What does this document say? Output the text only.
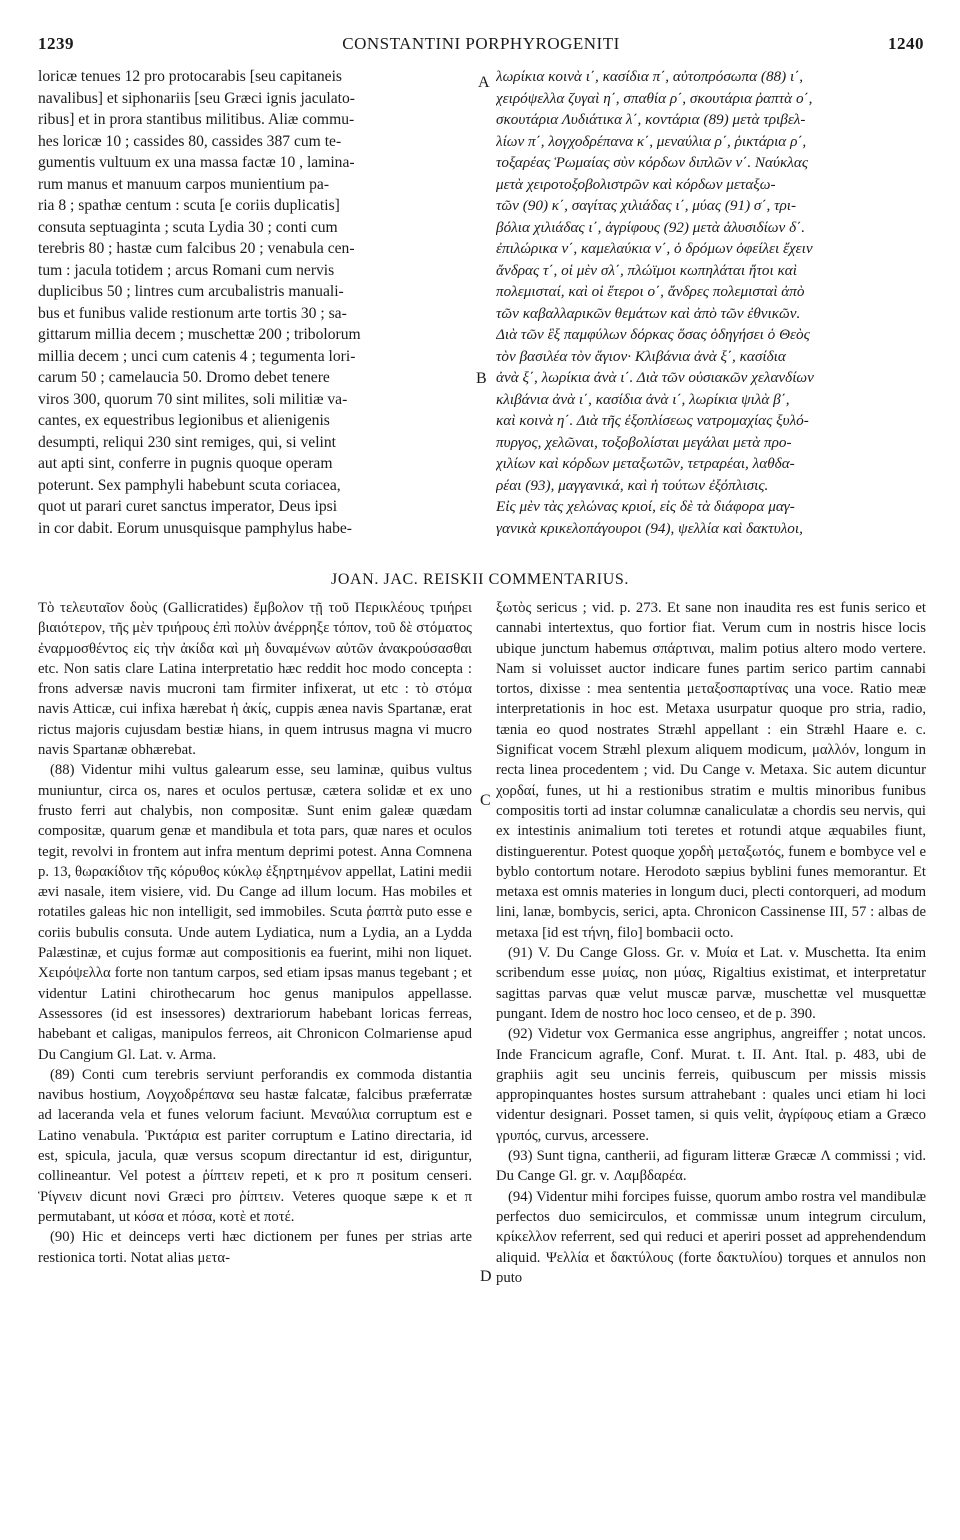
1239	CONSTANTINI PORPHYROGENITI	1240
loricæ tenues 12 pro protocarabis [seu capitaneis
navalibus] et siphonariis [seu Græci ignis jaculato-
ribus] et in prora stantibus militibus. Aliæ commu-
hes loricæ 10 ; cassides 80, cassides 387 cum te-
gumentis vultuum ex una massa factæ 10 , lamina-
rum manus et manuum carpos munientium pa-
ria 8 ; spathæ centum : scuta [e coriis duplicatis]
consuta septuaginta ; scuta Lydia 30 ; conti cum
terebris 80 ; hastæ cum falcibus 20 ; venabula cen-
tum : jacula totidem ; arcus Romani cum nervis
duplicibus 50 ; lintres cum arcubalistris manuali-
bus et funibus valide restionum arte tortis 30 ; sa-
gittarum millia decem ; muschettæ 200 ; tribolorum
millia decem ; unci cum catenis 4 ; tegumenta lori-
carum 50 ; camelaucia 50. Dromo debet tenere
viros 300, quorum 70 sint milites, soli militiæ va-
cantes, ex equestribus legionibus et alienigenis
desumpti, reliqui 230 sint remiges, qui, si velint
aut apti sint, conferre in pugnis quoque operam
poterunt. Sex pamphyli habebunt scuta coriacea,
quot ut parari curet sanctus imperator, Deus ipsi
in cor dabit. Eorum unusquisque pamphylus habe-
λωρίκια κοινὰ ι΄, κασίδια π΄, αὐτοπρόσωπα (88) ι΄,
χειρόψελλα ζυγαὶ η΄, σπαθία ρ΄, σκουτάρια ῥαπτὰ ο΄,
σκουτάρια Λυδιάτικα λ΄, κοντάρια (89) μετὰ τριβελ-
λίων π΄, λογχοδρέπανα κ΄, μεναύλια ρ΄, ῥικτάρια ρ΄,
τοξαρέας Ῥωμαίας σὺν κόρδων διπλῶν ν΄. Ναύκλας
μετὰ χειροτοξοβολιστρῶν καὶ κόρδων μεταξω-
τῶν (90) κ΄, σαγίτας χιλιάδας ι΄, μύας (91) σ΄, τρι-
βόλια χιλιάδας ι΄, ἀγρίφους (92) μετὰ ἁλυσιδίων δ΄.
ἐπιλώρικα ν΄, καμελαύκια ν΄, ὁ δρόμων ὀφείλει ἔχειν
ἄνδρας τ΄, οἱ μὲν σλ΄, πλώϊμοι κωπηλάται ἤτοι καὶ
πολεμισταί, καὶ οἱ ἕτεροι ο΄, ἄνδρες πολεμισταὶ ἀπὸ
τῶν καβαλλαρικῶν θεμάτων καὶ ἀπὸ τῶν ἐθνικῶν.
Διὰ τῶν ἓξ παμφύλων δόρκας ὅσας ὁδηγήσει ὁ Θεὸς
τὸν βασιλέα τὸν ἅγιον· Κλιβάνια ἀνὰ ξ΄, κασίδια
ἀνὰ ξ΄, λωρίκια ἀνὰ ι΄. Διὰ τῶν οὐσιακῶν χελανδίων
κλιβάνια ἀνὰ ι΄, κασίδια ἀνὰ ι΄, λωρίκια ψιλὰ β΄,
καὶ κοινὰ η΄. Διὰ τῆς ἐξοπλίσεως νατρομαχίας ξυλό-
πυργος, χελῶναι, τοξοβολίσται μεγάλαι μετὰ προ-
χιλίων καὶ κόρδων μεταξωτῶν, τετραρέαι, λαθδα-
ρέαι (93), μαγγανικά, καὶ ἡ τούτων ἐξόπλισις.
Εἰς μὲν τὰς χελώνας κριοί, εἰς δὲ τὰ διάφορα μαγ-
γανικὰ κρικελοπάγουροι (94), ψελλία καὶ δακτυλοι,
A
B
C
D
JOAN. JAC. REISKII COMMENTARIUS.

Τὸ τελευταῖον δοὺς (Gallicratides) ἔμβολον τῇ τοῦ Περικλέους τριήρει βιαιότερον, τῆς μὲν τριήρους ἐπὶ πολὺν ἀνέρρηξε τόπον, τοῦ δὲ στόματος ἐναρμοσθέντος εἰς τὴν ἀκίδα καὶ μὴ δυναμένων αὐτῶν ἀνακρούσασθαι etc. Non satis clare Latina interpretatio hæc reddit hoc modo concepta : frons adversæ navis mucroni tam firmiter infixerat, ut etc : τὸ στόμα navis Atticæ, cui infixa hærebat ἡ ἀκίς, cuppis ænea navis Spartanæ, erat rictus majoris cujusdam bestiæ hians, in quem intrusus magna vi mucro navis Spartanæ obhærebat.

(88) Videntur mihi vultus galearum esse, seu laminæ, quibus vultus muniuntur, circa os, nares et oculos pertusæ, cætera solidæ et ex uno frusto ferri aut chalybis, non compositæ. Sunt enim galeæ quædam compositæ, quarum genæ et mandibula et tota pars, quæ nares et oculos tegit, revolvi in frontem aut infra mentum deprimi potest. Anna Comnena p. 13, θωρακίδιον τῆς κόρυθος κύκλῳ ἐξηρτημένον appellat, Latini medii ævi nasale, item visiere, vid. Du Cange ad illum locum. Has mobiles et rotatiles galeas hic non intelligit, sed immobiles. Scuta ῥαπτὰ puto esse e coriis bubulis consuta. Unde autem Lydiatica, num a Lydia, an a Lydda Palæstinæ, et cujus formæ aut compositionis ea fuerint, mihi non liquet. Χειρόψελλα forte non tantum carpos, sed etiam ipsas manus tegebant ; et videntur Latini chirothecarum hoc genus manipulos appellasse. Assessores (id est insessores) dextrariorum habebant loricas ferreas, habebant et caligas, manipulos ferreos, ait Chronicon Colmariense apud Du Cangium Gl. Lat. v. Arma.

(89) Conti cum terebris serviunt perforandis ex commoda distantia navibus hostium, Λογχοδρέπανα seu hastæ falcatæ, falcibus præferratæ ad laceranda vela et funes velorum faciunt. Μεναύλια corruptum est e Latino venabula. Ῥικτάρια est pariter corruptum e Latino directaria, id est, spicula, jacula, quæ versus scopum directantur id est, diriguntur, collineantur. Vel potest a ῥίπτειν repeti, et κ pro π positum censeri. Ῥίγνειν dicunt novi Græci pro ῥίπτειν. Veteres quoque sæpe κ et π permutabant, ut κόσα et πόσα, κοτὲ et ποτέ.

(90) Hic et deinceps verti hæc dictionem per funes per strias arte restionica torti. Notat alias μετα-

ξωτὸς sericus ; vid. p. 273. Et sane non inaudita res est funis serico et cannabi intertextus, quo fortior fiat. Verum cum in nostris hisce locis ubique junctum habemus σπάρτιναι, malim potius altero modo vertere. Nam si voluisset auctor indicare funes partim serico partim cannabi tortos, dixisse : mea sententia μεταξοσπαρτίνας una voce. Ratio meæ interpretationis in hoc est. Metaxa usurpatur quoque pro stria, radio, tænia eo quod nostrates Stræhl appellant : ein Stræhl Haare e. c. Significat vocem Stræhl plexum aliquem modicum, μαλλόν, longum in recta linea procedentem ; vid. Du Cange v. Metaxa. Sic autem dicuntur χορδαί, funes, ut hi a restionibus stratim e multis minoribus funibus compositis torti ad instar columnæ canaliculatæ a chordis seu nervis, qui ex intestinis animalium toti teretes et rotundi atque æquabiles fiunt, distinguerentur. Potest quoque χορδὴ μεταξωτός, funem e bombyce vel e byblo contortum notare. Herodoto sæpius byblini funes memorantur. Et metaxa est omnis materies in longum duci, plecti contorqueri, ad modum lini, lanæ, bombycis, serici, apta. Chronicon Cassinense III, 57 : albas de metaxa [id est τήνη, filo] bombacii octo.

(91) V. Du Cange Gloss. Gr. v. Μυία et Lat. v. Muschetta. Ita enim scribendum esse μυίας, non μύας, Rigaltius existimat, et interpretatur sagittas parvas quæ velut muscæ parvæ, muschettæ vel musquettæ pungant. Idem de nostro hoc loco censeo, et de p. 390.

(92) Videtur vox Germanica esse angriphus, angreiffer ; notat uncos. Inde Francicum agrafle, Conf. Murat. t. II. Ant. Ital. p. 483, ubi de graphiis agit seu uncinis ferreis, quibuscum per missis missis appropinquantes hostes sursum attrahebant : quales unci etiam hi loci videntur designari. Posset tamen, si quis velit, ἀγρίφους etiam a Græco γρυπός, curvus, arcessere.

(93) Sunt tigna, cantherii, ad figuram litteræ Græcæ Λ commissi ; vid. Du Cange Gl. gr. v. Λαμβδαρέα.

(94) Videntur mihi forcipes fuisse, quorum ambo rostra vel mandibulæ perfectos duo semicirculos, et commissæ unum integrum circulum, κρίκελλον referrent, sed qui reduci et aperiri posset ad apprehendendum aliquid. Ψελλία et δακτύλους (forte δακτυλίου) torques et annulos non puto
